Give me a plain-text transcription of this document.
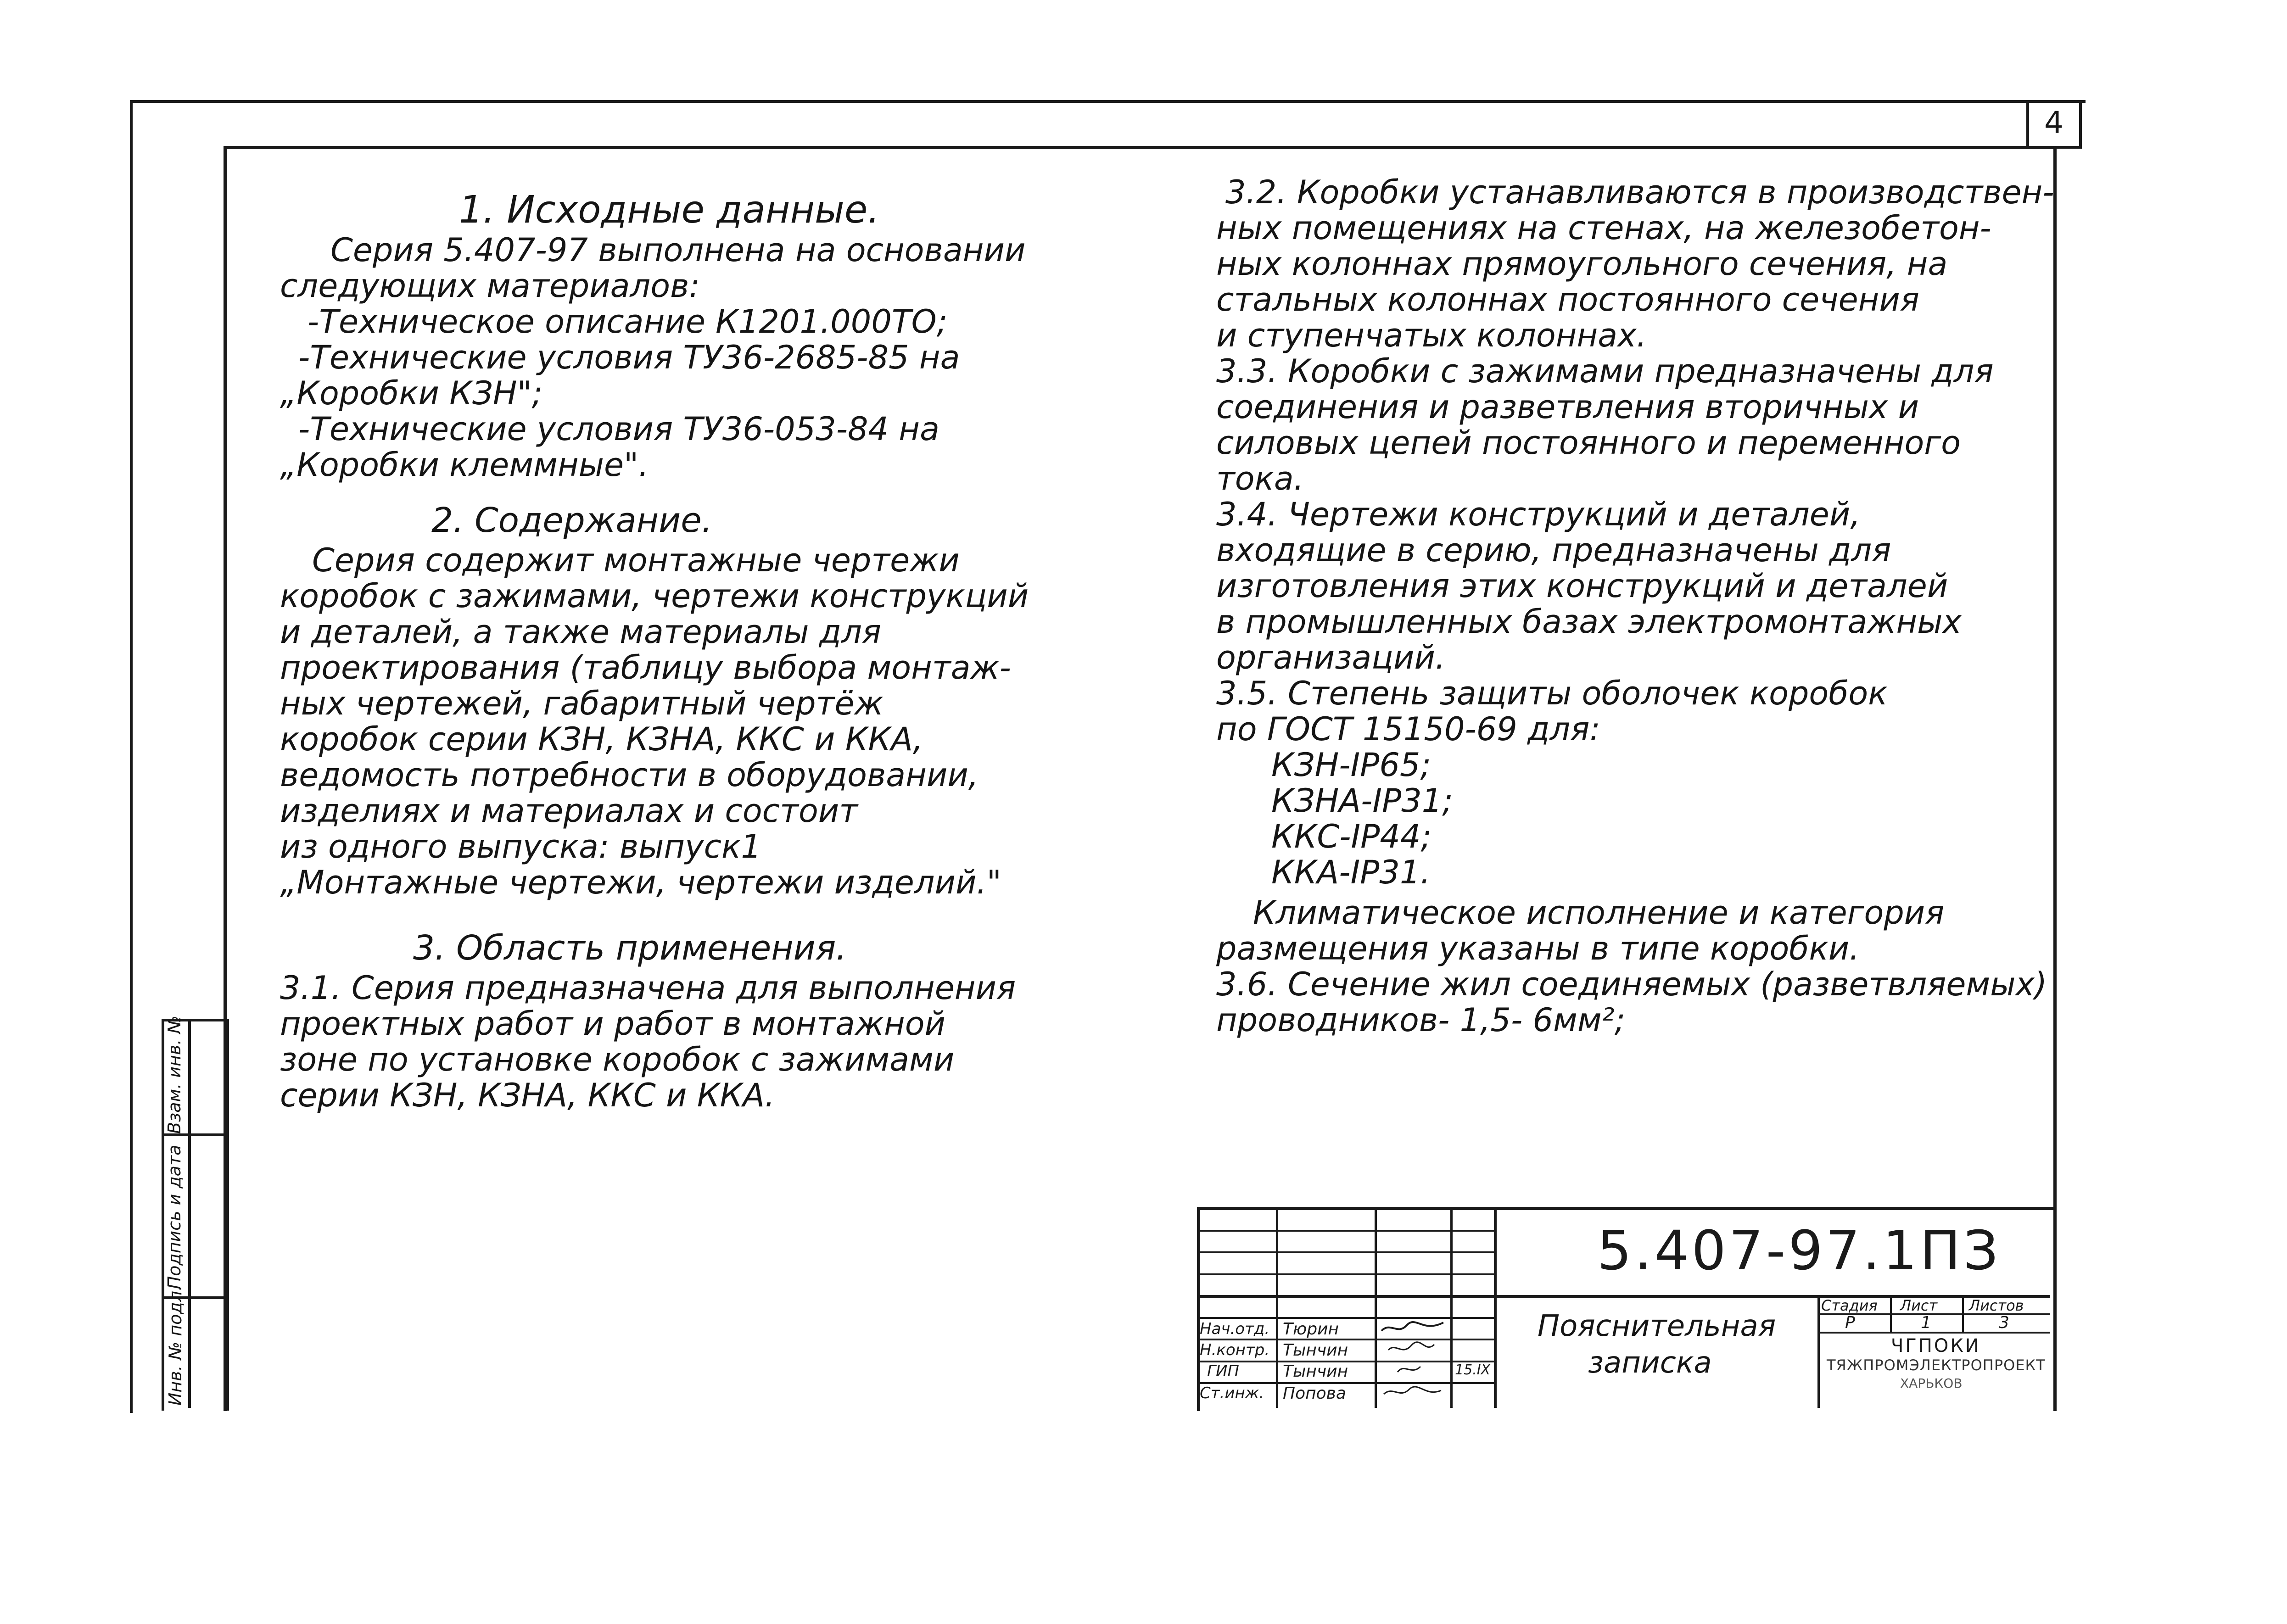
4
Инв. № подл.
Подпись и дата
Взам. инв. №
1. Исходные данные.
Серия 5.407-97 выполнена на основании
следующих материалов:
-Техническое описание К1201.000ТО;
-Технические условия ТУ36-2685-85 на
„Коробки КЗН";
-Технические условия ТУ36-053-84 на
„Коробки клеммные".
2. Содержание.
Серия содержит монтажные чертежи
коробок с зажимами, чертежи конструкций
и деталей, а также материалы для
проектирования (таблицу выбора монтаж-
ных чертежей, габаритный чертёж
коробок серии КЗН, КЗНА, ККС и ККА,
ведомость потребности в оборудовании,
изделиях и материалах и состоит
из одного выпуска: выпуск1
„Монтажные чертежи, чертежи изделий."
3. Область применения.
3.1. Серия предназначена для выполнения
проектных работ и работ в монтажной
зоне по установке коробок с зажимами
серии КЗН, КЗНА, ККС и ККА.
3.2. Коробки устанавливаются в производствен-
ных помещениях на стенах, на железобетон-
ных колоннах прямоугольного сечения, на
стальных колоннах постоянного сечения
и ступенчатых колоннах.
3.3. Коробки с зажимами предназначены для
соединения и разветвления вторичных и
силовых цепей постоянного и переменного
тока.
3.4. Чертежи конструкций и деталей,
входящие в серию, предназначены для
изготовления этих конструкций и деталей
в промышленных базах электромонтажных
организаций.
3.5. Степень защиты оболочек коробок
по ГОСТ 15150-69 для:
КЗН-IP65;
КЗНА-IP31;
ККС-IP44;
ККА-IP31.
Климатическое исполнение и категория
размещения указаны в типе коробки.
3.6. Сечение жил соединяемых (разветвляемых)
проводников- 1,5- 6мм²;
5.407-97.1ПЗ
Пояснительная
записка
Нач.отд.
Н.контр.
ГИП
Ст.инж.
Тюрин
Тынчин
Тынчин
Попова
15.IX
Стадия Лист Листов
Р	1	3
ЧГПОКИ
ТЯЖПРОМЭЛЕКТРОПРОЕКТ
ХАРЬКОВ
